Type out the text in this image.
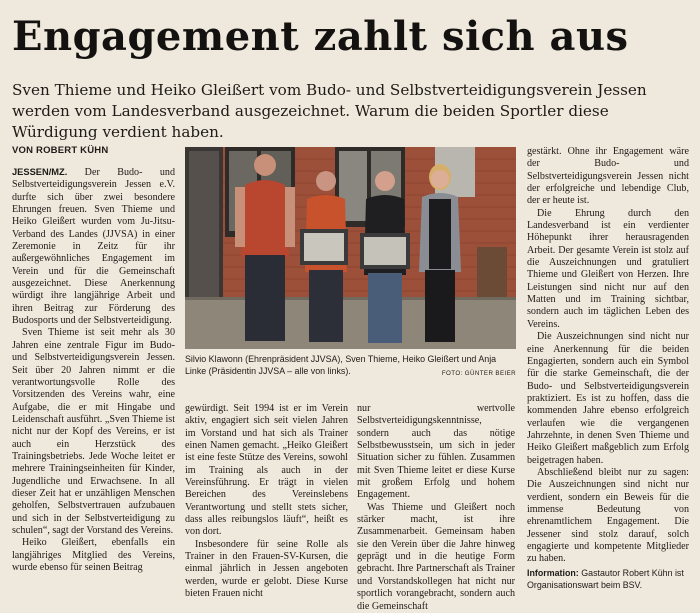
Engagement zahlt sich aus
Sven Thieme und Heiko Gleißert vom Budo- und Selbstverteidigungsverein Jessen werden vom Landesverband ausgezeichnet. Warum die beiden Sportler diese Würdigung verdient haben.
VON ROBERT KÜHN

JESSEN/MZ. Der Budo- und Selbstverteidigungsverein Jessen e.V. durfte sich über zwei besondere Ehrungen freuen. Sven Thieme und Heiko Gleißert wurden vom Ju-Jitsu-Verband des Landes (JJVSA) in einer Zeremonie in Zeitz für ihr außergewöhnliches Engagement im Verein und für die Gemeinschaft ausgezeichnet. Diese Anerkennung würdigt ihre langjährige Arbeit und ihren Beitrag zur Förderung des Budosports und der Selbstverteidigung.

Sven Thieme ist seit mehr als 30 Jahren eine zentrale Figur im Budo- und Selbstverteidigungsverein Jessen. Seit über 20 Jahren nimmt er die verantwortungsvolle Rolle des Vorsitzenden des Vereins wahr, eine Aufgabe, die er mit Hingabe und Leidenschaft ausführt. „Sven Thieme ist nicht nur der Kopf des Vereins, er ist auch ein Herzstück des Trainingsbetriebs. Jede Woche leitet er mehrere Trainingseinheiten für Kinder, Jugendliche und Erwachsene. In all dieser Zeit hat er unzähligen Menschen geholfen, Selbstvertrauen aufzubauen und sich in der Selbstverteidigung zu schulen“, sagt der Vorstand des Vereins.

Heiko Gleißert, ebenfalls ein langjähriges Mitglied des Vereins, wurde ebenso für seinen Beitrag

Silvio Klawonn (Ehrenpräsident JJVSA), Sven Thieme, Heiko Gleißert und Anja Linke (Präsidentin JJVSA – alle von links).	FOTO: GÜNTER BEIER

gewürdigt. Seit 1994 ist er im Verein aktiv, engagiert sich seit vielen Jahren im Vorstand und hat sich als Trainer einen Namen gemacht. „Heiko Gleißert ist eine feste Stütze des Vereins, sowohl im Training als auch in der Vereinsführung. Er trägt in vielen Bereichen des Vereinslebens Verantwortung und stellt stets sicher, dass alles reibungslos läuft“, heißt es von dort.

Insbesondere für seine Rolle als Trainer in den Frauen-SV-Kursen, die einmal jährlich in Jessen angeboten werden, wurde er gelobt. Diese Kurse bieten Frauen nicht

nur wertvolle Selbstverteidigungskenntnisse, sondern auch das nötige Selbstbewusstsein, um sich in jeder Situation sicher zu fühlen. Zusammen mit Sven Thieme leitet er diese Kurse mit großem Erfolg und hohem Engagement.

Was Thieme und Gleißert noch stärker macht, ist ihre Zusammenarbeit. Gemeinsam haben sie den Verein über die Jahre hinweg geprägt und in die heutige Form gebracht. Ihre Partnerschaft als Trainer und Vorstandskollegen hat nicht nur sportlich vorangebracht, sondern auch die Gemeinschaft

gestärkt. Ohne ihr Engagement wäre der Budo- und Selbstverteidigungsverein Jessen nicht der erfolgreiche und lebendige Club, der er heute ist.

Die Ehrung durch den Landesverband ist ein verdienter Höhepunkt ihrer herausragenden Arbeit. Der gesamte Verein ist stolz auf die Auszeichnungen und gratuliert Thieme und Gleißert von Herzen. Ihre Leistungen sind nicht nur auf den Matten und im Training sichtbar, sondern auch im täglichen Leben des Vereins.

Die Auszeichnungen sind nicht nur eine Anerkennung für die beiden Engagierten, sondern auch ein Symbol für die starke Gemeinschaft, die der Budo- und Selbstverteidigungsverein praktiziert. Es ist zu hoffen, dass die kommenden Jahre ebenso erfolgreich verlaufen wie die vergangenen Jahrzehnte, in denen Sven Thieme und Heiko Gleißert maßgeblich zum Erfolg beigetragen haben.

Abschließend bleibt nur zu sagen: Die Auszeichnungen sind nicht nur verdient, sondern ein Beweis für die immense Bedeutung von ehrenamtlichem Engagement. Die Jessener sind stolz darauf, solch engagierte und kompetente Mitglieder zu haben.

Information: Gastautor Robert Kühn ist Organisationswart beim BSV.
